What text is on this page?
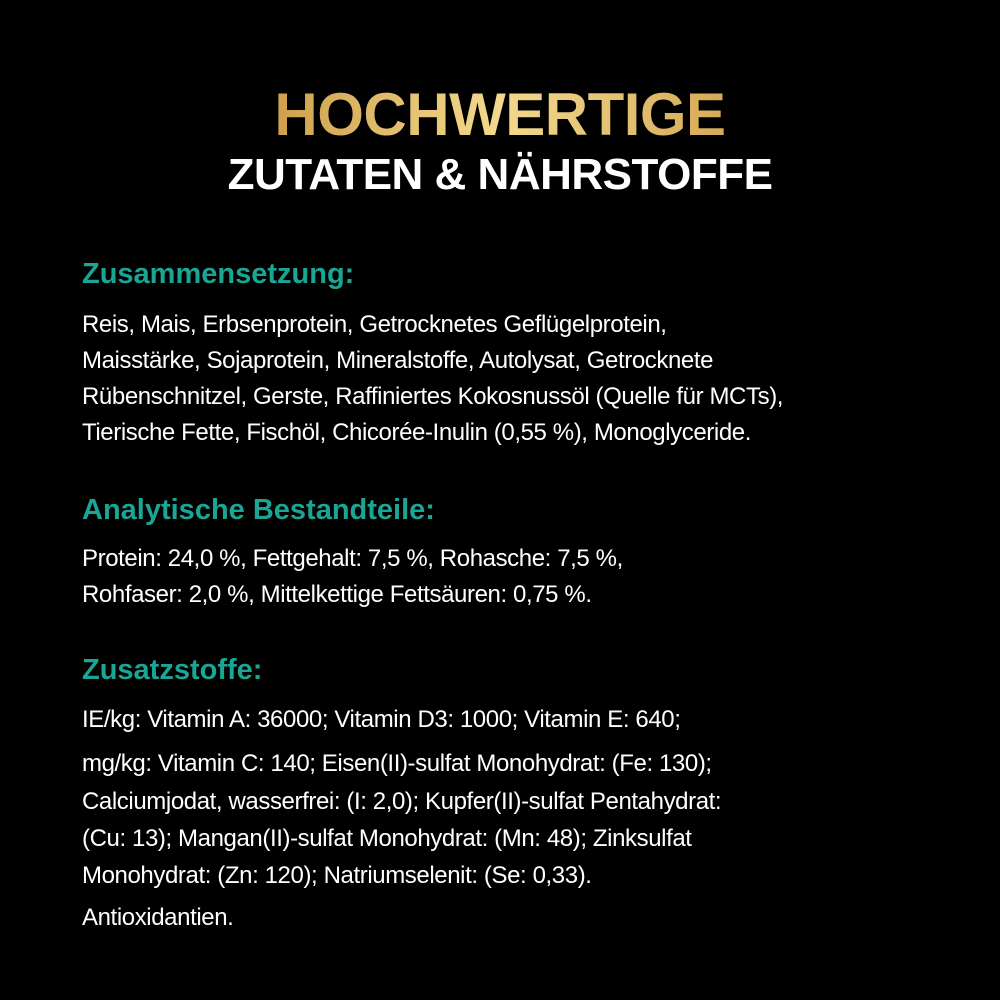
HOCHWERTIGE
ZUTATEN & NÄHRSTOFFE
Zusammensetzung:
Reis, Mais, Erbsenprotein, Getrocknetes Geflügelprotein,
Maisstärke, Sojaprotein, Mineralstoffe, Autolysat, Getrocknete
Rübenschnitzel, Gerste, Raffiniertes Kokosnussöl (Quelle für MCTs),
Tierische Fette, Fischöl, Chicorée-Inulin (0,55 %), Monoglyceride.
Analytische Bestandteile:
Protein: 24,0 %, Fettgehalt: 7,5 %, Rohasche: 7,5 %,
Rohfaser: 2,0 %, Mittelkettige Fettsäuren: 0,75 %.
Zusatzstoffe:
IE/kg: Vitamin A: 36000; Vitamin D3: 1000; Vitamin E: 640;
mg/kg: Vitamin C: 140; Eisen(II)-sulfat Monohydrat: (Fe: 130);
Calciumjodat, wasserfrei: (I: 2,0); Kupfer(II)-sulfat Pentahydrat:
(Cu: 13); Mangan(II)-sulfat Monohydrat: (Mn: 48); Zinksulfat
Monohydrat: (Zn: 120); Natriumselenit: (Se: 0,33).
Antioxidantien.
